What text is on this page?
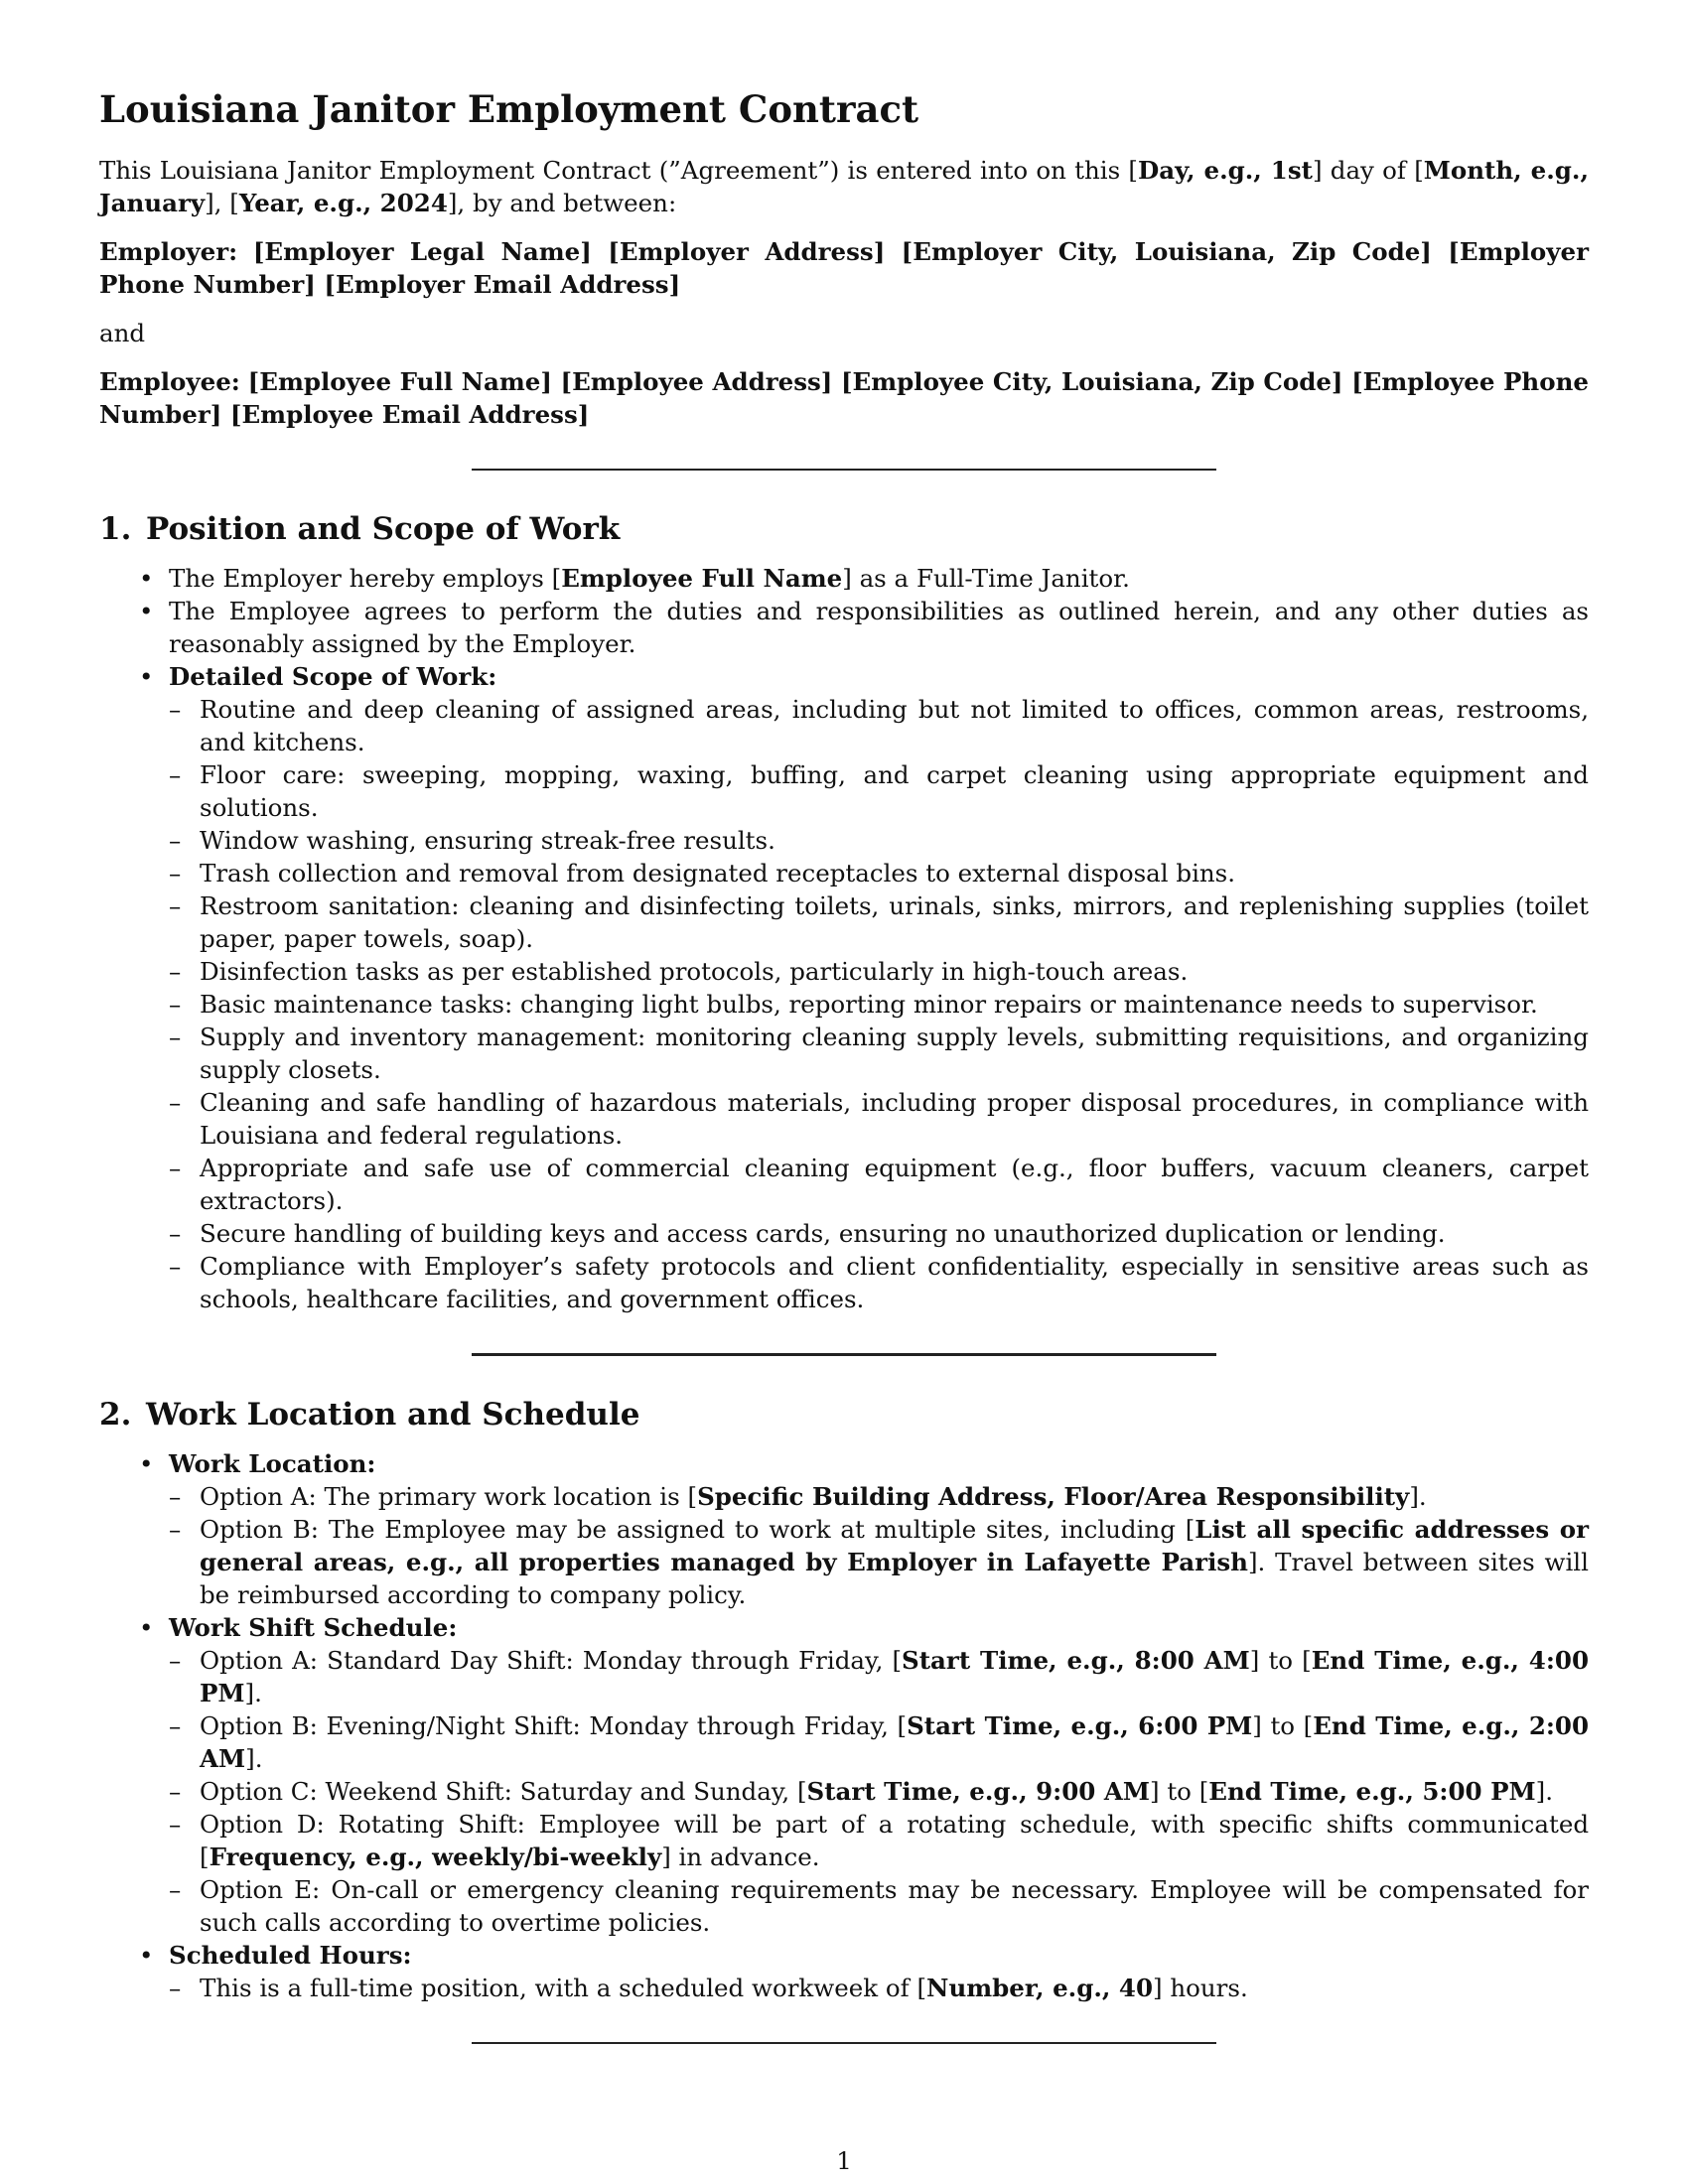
Louisiana Janitor Employment Contract

This Louisiana Janitor Employment Contract (”Agreement”) is entered into on this [Day, e.g., 1st] day of [Month, e.g., January], [Year, e.g., 2024], by and between:

Employer: [Employer Legal Name] [Employer Address] [Employer City, Louisiana, Zip Code] [Employer Phone Number] [Employer Email Address]

and

Employee: [Employee Full Name] [Employee Address] [Employee City, Louisiana, Zip Code] [Employee Phone Number] [Employee Email Address]

1. Position and Scope of Work
• The Employer hereby employs [Employee Full Name] as a Full-Time Janitor.
• The Employee agrees to perform the duties and responsibilities as outlined herein, and any other duties as reasonably assigned by the Employer.
• Detailed Scope of Work:
– Routine and deep cleaning of assigned areas, including but not limited to offices, common areas, restrooms, and kitchens.
– Floor care: sweeping, mopping, waxing, buffing, and carpet cleaning using appropriate equipment and solutions.
– Window washing, ensuring streak-free results.
– Trash collection and removal from designated receptacles to external disposal bins.
– Restroom sanitation: cleaning and disinfecting toilets, urinals, sinks, mirrors, and replenishing supplies (toilet paper, paper towels, soap).
– Disinfection tasks as per established protocols, particularly in high-touch areas.
– Basic maintenance tasks: changing light bulbs, reporting minor repairs or maintenance needs to supervisor.
– Supply and inventory management: monitoring cleaning supply levels, submitting requisitions, and organizing supply closets.
– Cleaning and safe handling of hazardous materials, including proper disposal procedures, in compliance with Louisiana and federal regulations.
– Appropriate and safe use of commercial cleaning equipment (e.g., floor buffers, vacuum cleaners, carpet extractors).
– Secure handling of building keys and access cards, ensuring no unauthorized duplication or lending.
– Compliance with Employer’s safety protocols and client confidentiality, especially in sensitive areas such as schools, healthcare facilities, and government offices.
2. Work Location and Schedule
• Work Location:
– Option A: The primary work location is [Specific Building Address, Floor/Area Responsibility].
– Option B: The Employee may be assigned to work at multiple sites, including [List all specific addresses or general areas, e.g., all properties managed by Employer in Lafayette Parish]. Travel between sites will be reimbursed according to company policy.
• Work Shift Schedule:
– Option A: Standard Day Shift: Monday through Friday, [Start Time, e.g., 8:00 AM] to [End Time, e.g., 4:00 PM].
– Option B: Evening/Night Shift: Monday through Friday, [Start Time, e.g., 6:00 PM] to [End Time, e.g., 2:00 AM].
– Option C: Weekend Shift: Saturday and Sunday, [Start Time, e.g., 9:00 AM] to [End Time, e.g., 5:00 PM].
– Option D: Rotating Shift: Employee will be part of a rotating schedule, with specific shifts communicated [Frequency, e.g., weekly/bi-weekly] in advance.
– Option E: On-call or emergency cleaning requirements may be necessary. Employee will be compensated for such calls according to overtime policies.
• Scheduled Hours:
– This is a full-time position, with a scheduled workweek of [Number, e.g., 40] hours.
1
